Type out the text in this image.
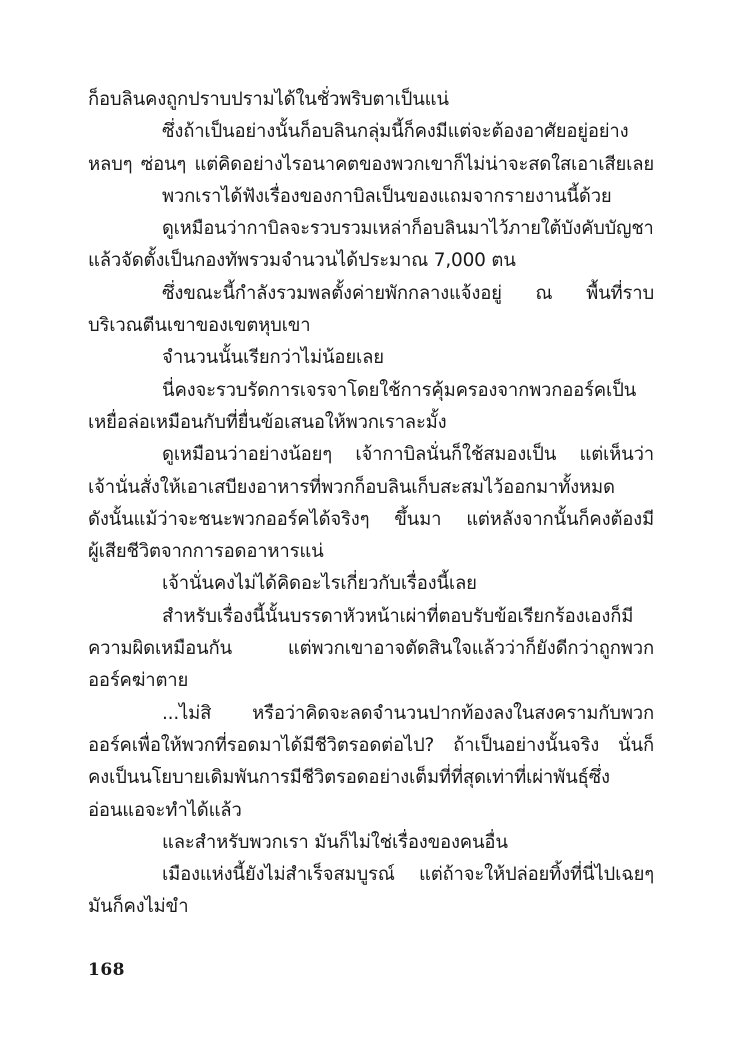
ก็อบลินคงถูกปราบปรามได้ในชั่วพริบตาเป็นแน่
ซึ่งถ้าเป็นอย่างนั้นก็อบลินกลุ่มนี้ก็คงมีแต่จะต้องอาศัยอยู่อย่าง
หลบๆ ซ่อนๆ แต่คิดอย่างไรอนาคตของพวกเขาก็ไม่น่าจะสดใสเอาเสียเลย
พวกเราได้ฟังเรื่องของกาบิลเป็นของแถมจากรายงานนี้ด้วย
ดูเหมือนว่ากาบิลจะรวบรวมเหล่าก็อบลินมาไว้ภายใต้บังคับบัญชา
แล้วจัดตั้งเป็นกองทัพรวมจำนวนได้ประมาณ 7,000 ตน
ซึ่งขณะนี้กำลังรวมพลตั้งค่ายพักกลางแจ้งอยู่ ณ พื้นที่ราบ
บริเวณตีนเขาของเขตหุบเขา
จำนวนนั้นเรียกว่าไม่น้อยเลย
นี่คงจะรวบรัดการเจรจาโดยใช้การคุ้มครองจากพวกออร์คเป็น
เหยื่อล่อเหมือนกับที่ยื่นข้อเสนอให้พวกเราละมั้ง
ดูเหมือนว่าอย่างน้อยๆ เจ้ากาบิลนั่นก็ใช้สมองเป็น แต่เห็นว่า
เจ้านั่นสั่งให้เอาเสบียงอาหารที่พวกก็อบลินเก็บสะสมไว้ออกมาทั้งหมด
ดังนั้นแม้ว่าจะชนะพวกออร์คได้จริงๆ ขึ้นมา แต่หลังจากนั้นก็คงต้องมี
ผู้เสียชีวิตจากการอดอาหารแน่
เจ้านั่นคงไม่ได้คิดอะไรเกี่ยวกับเรื่องนี้เลย
สำหรับเรื่องนี้นั้นบรรดาหัวหน้าเผ่าที่ตอบรับข้อเรียกร้องเองก็มี
ความผิดเหมือนกัน แต่พวกเขาอาจตัดสินใจแล้วว่าก็ยังดีกว่าถูกพวก
ออร์คฆ่าตาย
...ไม่สิ หรือว่าคิดจะลดจำนวนปากท้องลงในสงครามกับพวก
ออร์คเพื่อให้พวกที่รอดมาได้มีชีวิตรอดต่อไป? ถ้าเป็นอย่างนั้นจริง นั่นก็
คงเป็นนโยบายเดิมพันการมีชีวิตรอดอย่างเต็มที่ที่สุดเท่าที่เผ่าพันธุ์ซึ่ง
อ่อนแอจะทำได้แล้ว
และสำหรับพวกเรา มันก็ไม่ใช่เรื่องของคนอื่น
เมืองแห่งนี้ยังไม่สำเร็จสมบูรณ์ แต่ถ้าจะให้ปล่อยทิ้งที่นี่ไปเฉยๆ
มันก็คงไม่ขำ
168
